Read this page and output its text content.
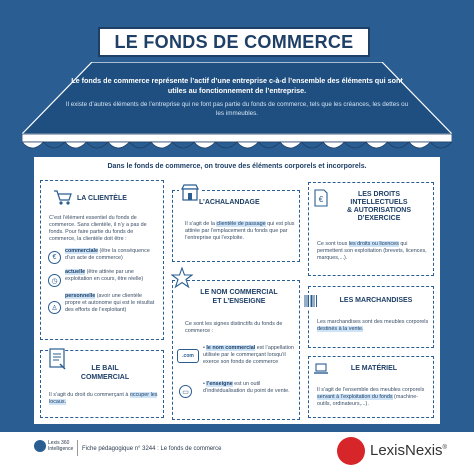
LE FONDS DE COMMERCE
Le fonds de commerce représente l’actif d’une entreprise c-à-d l’ensemble des éléments qui sont utiles au fonctionnement de l’entreprise.
Il existe d’autres éléments de l’entreprise qui ne font pas partie du fonds de commerce, tels que les créances, les dettes ou les immeubles.
Dans le fonds de commerce, on trouve des éléments corporels et incorporels.
LA CLIENTÈLE
C’est l’élément essentiel du fonds de commerce. Sans clientèle, il n’y a pas de fonds. Pour faire partie du fonds de commerce, la clientèle doit être :
€
commerciale (être la conséquence d’un acte de commerce)
◷
actuelle (être attirée par une exploitation en cours, être réelle)
♙
personnelle (avoir une clientèle propre et autonome qui est le résultat des efforts de l’exploitant)
LE BAIL
COMMERCIAL
Il s’agit du droit du commerçant à occuper les locaux.
L’ACHALANDAGE
Il s’agit de la clientèle de passage qui est plus attirée par l’emplacement du fonds que par l’entreprise qui l’exploite.
LE NOM COMMERCIAL
ET L’ENSEIGNE
Ce sont les signes distinctifs du fonds de commerce :
.com
• le nom commercial est l’appellation utilisée par le commerçant lorsqu’il exerce son fonds de commerce
▭
• l’enseigne est un outil d’individualisation du point de vente.
€
LES DROITS
INTELLECTUELS
& AUTORISATIONS
D’EXERCICE
Ce sont tous les droits ou licences qui permettent son exploitation (brevets, licences, marques,...).
LES MARCHANDISES
Les marchandises sont des meubles corporels destinés à la vente.
LE MATÉRIEL
Il s’agit de l’ensemble des meubles corporels servant à l’exploitation du fonds (machine-outils, ordinateurs,...).
Lexis 360
Intelligence Fiche pédagogique n° 3244 : Le fonds de commerce	LexisNexis®
